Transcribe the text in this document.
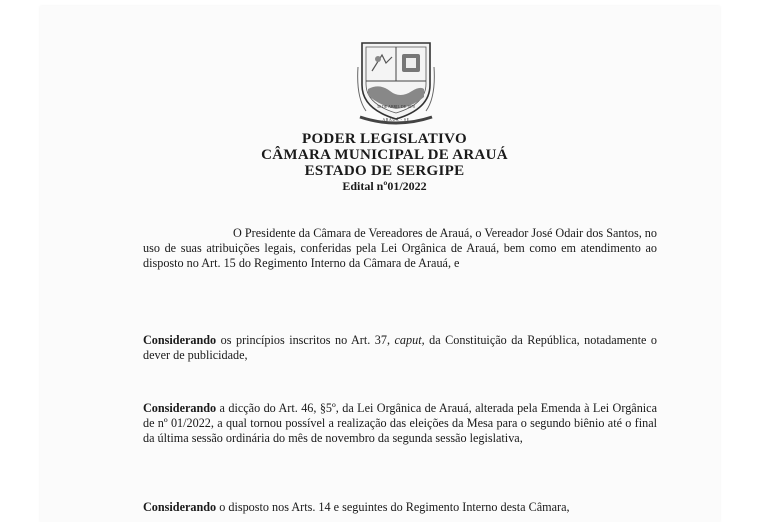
30 DE ABRIL DE 1870
ARAUÁ - SE
PODER LEGISLATIVO
CÂMARA MUNICIPAL DE ARAUÁ
ESTADO DE SERGIPE
Edital nº01/2022

O Presidente da Câmara de Vereadores de Arauá, o Vereador José Odair dos Santos, no uso de suas atribuições legais, conferidas pela Lei Orgânica de Arauá, bem como em atendimento ao disposto no Art. 15 do Regimento Interno da Câmara de Arauá, e

Considerando os princípios inscritos no Art. 37, caput, da Constituição da República, notadamente o dever de publicidade,

Considerando a dicção do Art. 46, §5º, da Lei Orgânica de Arauá, alterada pela Emenda à Lei Orgânica de nº 01/2022, a qual tornou possível a realização das eleições da Mesa para o segundo biênio até o final da última sessão ordinária do mês de novembro da segunda sessão legislativa,

Considerando o disposto nos Arts. 14 e seguintes do Regimento Interno desta Câmara,
